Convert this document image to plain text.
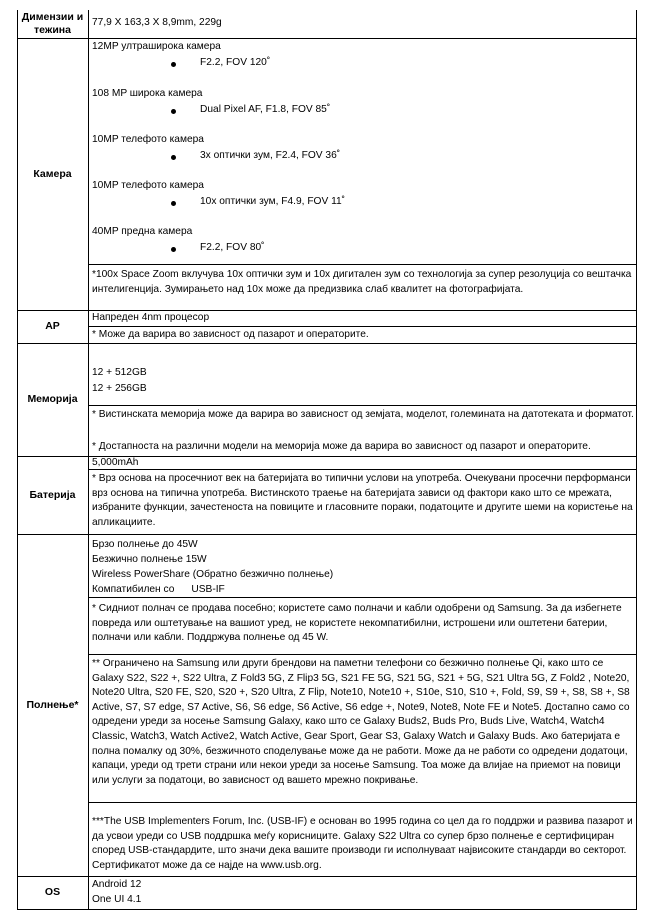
Димензии и тежина
77,9 X 163,3 X 8,9mm, 229g
Камера
12MP ултраширока камера
F2.2, FOV 120˚
108 MP широка камера
Dual Pixel AF, F1.8, FOV 85˚
10MP телефото камера
3x оптички зум, F2.4, FOV 36˚
10MP телефото камера
10x оптички зум, F4.9, FOV 11˚
40MP предна камера
F2.2, FOV 80˚
*100x Space Zoom вклучува 10x оптички зум и 10x дигитален зум со технологија за супер резолуција со вештачка интелигенција. Зумирањето над 10x може да предизвика слаб квалитет на фотографијата.
АР
Напреден 4nm процесор
* Може да варира во зависност од пазарот и операторите.
Меморија
12 + 512GB
12 + 256GB
* Вистинската меморија може да варира во зависност од земјата, моделот, големината на датотеката и форматот.
* Достапноста на различни модели на меморија може да варира во зависност од пазарот и операторите.
Батерија
5,000mAh
* Врз основа на просечниот век на батеријата во типични услови на употреба. Очекувани просечни перформанси врз основа на типична употреба. Вистинското траење на батеријата зависи од фактори како што се мрежата, избраните функции, зачестеноста на повиците и гласовните пораки, податоците и другите шеми на користење на апликациите.
Полнење*
Брзо полнење до 45W
Безжично полнење 15W
Wireless PowerShare (Обратно безжично полнење)
Компатибилен со      USB-IF
* Сидниот полнач се продава посебно; користете само полначи и кабли одобрени од Samsung. За да избегнете повреда или оштетување на вашиот уред, не користете некомпатибилни, истрошени или оштетени батерии, полначи или кабли. Поддржува полнење од 45 W.
** Ограничено на Samsung или други брендови на паметни телефони со безжично полнење Qi, како што се Galaxy S22, S22 +, S22 Ultra, Z Fold3 5G, Z Flip3 5G, S21 FE 5G, S21 5G, S21 + 5G, S21 Ultra 5G, Z Fold2 , Note20, Note20 Ultra, S20 FE, S20, S20 +, S20 Ultra, Z Flip, Note10, Note10 +, S10e, S10, S10 +, Fold, S9, S9 +, S8, S8 +, S8 Active, S7, S7 edge, S7 Active, S6, S6 edge, S6 Active, S6 edge +, Note9, Note8, Note FE и Note5. Достапно само со одредени уреди за носење Samsung Galaxy, како што се Galaxy Buds2, Buds Pro, Buds Live, Watch4, Watch4 Classic, Watch3, Watch Active2, Watch Active, Gear Sport, Gear S3, Galaxy Watch и Galaxy Buds. Ако батеријата е полна помалку од 30%, безжичното споделување може да не работи. Може да не работи со одредени додатоци, капаци, уреди од трети страни или некои уреди за носење Samsung. Тоа може да влијае на приемот на повици или услуги за податоци, во зависност од вашето мрежно покривање.
***The USB Implementers Forum, Inc. (USB-IF) е основан во 1995 година со цел да го поддржи и развива пазарот и да усвои уреди со USB поддршка меѓу корисниците. Galaxy S22 Ultra со супер брзо полнење е сертифициран според USB-стандардите, што значи дека вашите производи ги исполнуваат највисоките стандарди во секторот. Сертификатот може да се најде на www.usb.org.
OS
Android 12
One UI 4.1
